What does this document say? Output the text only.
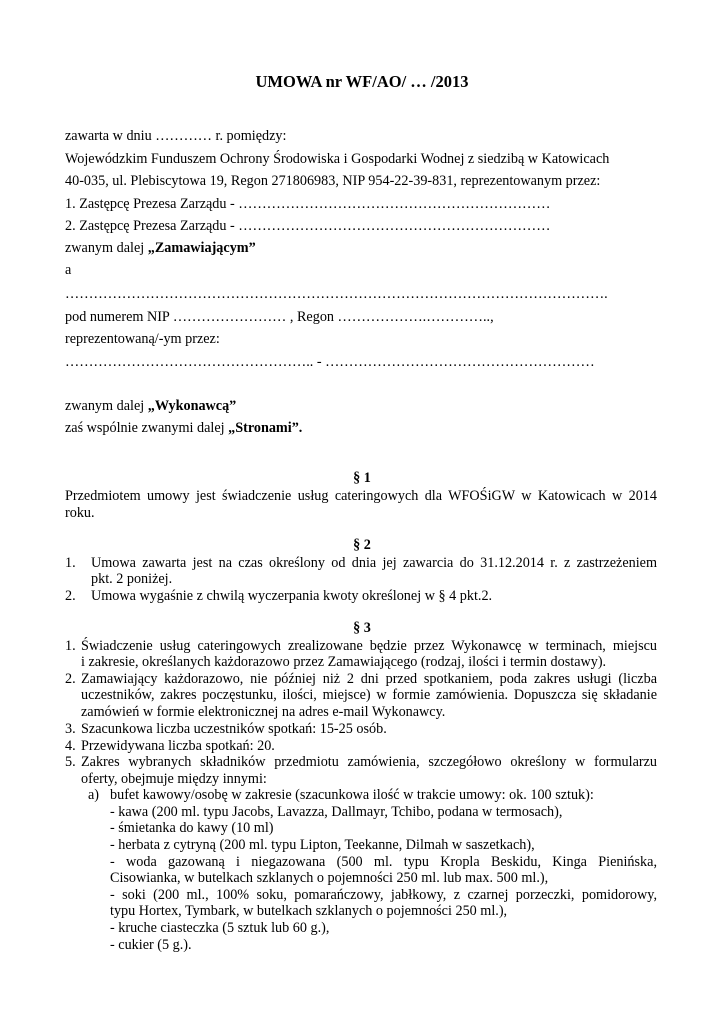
UMOWA nr WF/AO/ … /2013
zawarta w dniu ………… r. pomiędzy:
Wojewódzkim Funduszem Ochrony Środowiska i Gospodarki Wodnej z siedzibą w Katowicach
40-035, ul. Plebiscytowa 19, Regon 271806983, NIP 954-22-39-831, reprezentowanym przez:
1. Zastępcę Prezesa Zarządu - …………………………………………………………
2. Zastępcę Prezesa Zarządu - …………………………………………………………
zwanym dalej „Zamawiającym”
a
…………………………………………………………………………………………………….
pod numerem NIP …………………… , Regon ……………….…………..,
reprezentowaną/-ym przez:
…………………………………………….. - …………………………………………………
zwanym dalej „Wykonawcą”
zaś wspólnie zwanymi dalej „Stronami”.
§ 1
Przedmiotem umowy jest świadczenie usług cateringowych dla WFOŚiGW w Katowicach w 2014
roku.
§ 2
1. Umowa zawarta jest na czas określony od dnia jej zawarcia do 31.12.2014 r. z zastrzeżeniem
pkt. 2 poniżej.
2. Umowa wygaśnie z chwilą wyczerpania kwoty określonej w § 4 pkt.2.
§ 3
1. Świadczenie usług cateringowych zrealizowane będzie przez Wykonawcę w terminach, miejscu
i zakresie, określanych każdorazowo przez Zamawiającego (rodzaj, ilości i termin dostawy).
2. Zamawiający każdorazowo, nie później niż 2 dni przed spotkaniem, poda zakres usługi (liczba
uczestników, zakres poczęstunku, ilości, miejsce) w formie zamówienia. Dopuszcza się składanie
zamówień w formie elektronicznej na adres e-mail Wykonawcy.
3. Szacunkowa liczba uczestników spotkań: 15-25 osób.
4. Przewidywana liczba spotkań: 20.
5. Zakres wybranych składników przedmiotu zamówienia, szczegółowo określony w formularzu
oferty, obejmuje między innymi:
a) bufet kawowy/osobę w zakresie (szacunkowa ilość w trakcie umowy: ok. 100 sztuk):
- kawa (200 ml. typu Jacobs, Lavazza, Dallmayr, Tchibo, podana w termosach),
- śmietanka do kawy (10 ml)
- herbata z cytryną (200 ml. typu Lipton, Teekanne, Dilmah w saszetkach),
- woda gazowaną i niegazowana (500 ml. typu Kropla Beskidu, Kinga Pienińska,
Cisowianka, w butelkach szklanych o pojemności 250 ml. lub max. 500 ml.),
- soki (200 ml., 100% soku, pomarańczowy, jabłkowy, z czarnej porzeczki, pomidorowy,
typu Hortex, Tymbark, w butelkach szklanych o pojemności 250 ml.),
- kruche ciasteczka (5 sztuk lub 60 g.),
- cukier (5 g.).
